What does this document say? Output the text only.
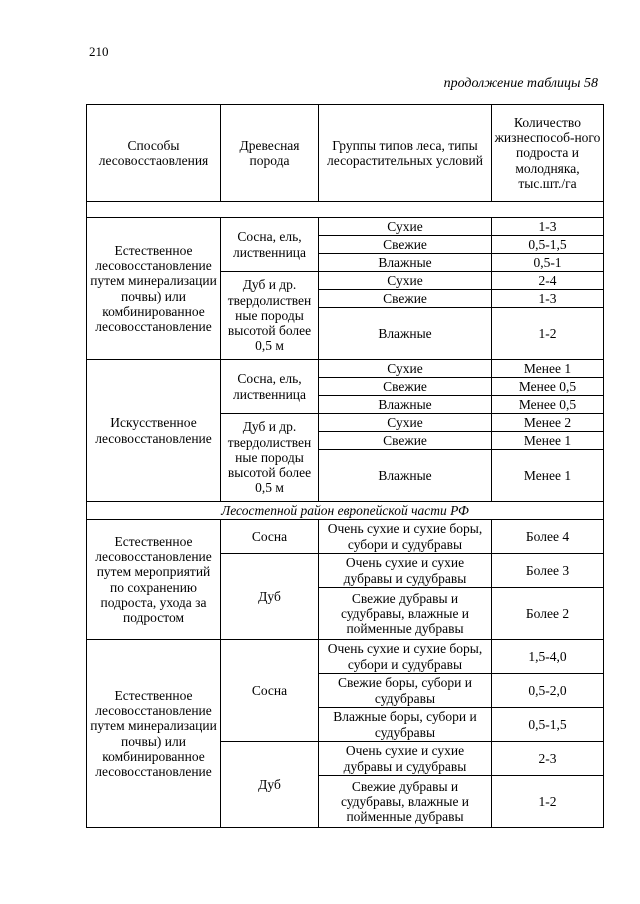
210
продолжение таблицы 58
Способы лесовосстаовления	Древесная порода	Группы типов леса, типы лесорастительных условий	Количество жизнеспособ-ного подроста и молодняка, тыс.шт./га

Естественное лесовосстановление путем минерализации почвы) или комбинированное лесовосстановление	Сосна, ель, лиственница	Сухие	1-3
		Свежие	0,5-1,5
		Влажные	0,5-1
	Дуб и др. твердолиствен ные породы высотой более 0,5 м	Сухие	2-4
		Свежие	1-3
		Влажные	1-2
Искусственное лесовосстановление	Сосна, ель, лиственница	Сухие	Менее 1
		Свежие	Менее 0,5
		Влажные	Менее 0,5
	Дуб и др. твердолиствен ные породы высотой более 0,5 м	Сухие	Менее 2
		Свежие	Менее 1
		Влажные	Менее 1
Лесостепной район европейской части РФ			
Естественное лесовосстановление путем мероприятий по сохранению подроста, ухода за подростом	Сосна	Очень сухие и сухие боры, субори и судубравы	Более 4
	Дуб	Очень сухие и сухие дубравы и судубравы	Более 3
		Свежие дубравы и судубравы, влажные и пойменные дубравы	Более 2
Естественное лесовосстановление путем минерализации почвы) или комбинированное лесовосстановление	Сосна	Очень сухие и сухие боры, субори и судубравы	1,5-4,0
		Свежие боры, субори и судубравы	0,5-2,0
		Влажные боры, субори и судубравы	0,5-1,5
	Дуб	Очень сухие и сухие дубравы и судубравы	2-3
		Свежие дубравы и судубравы, влажные и пойменные дубравы	1-2
